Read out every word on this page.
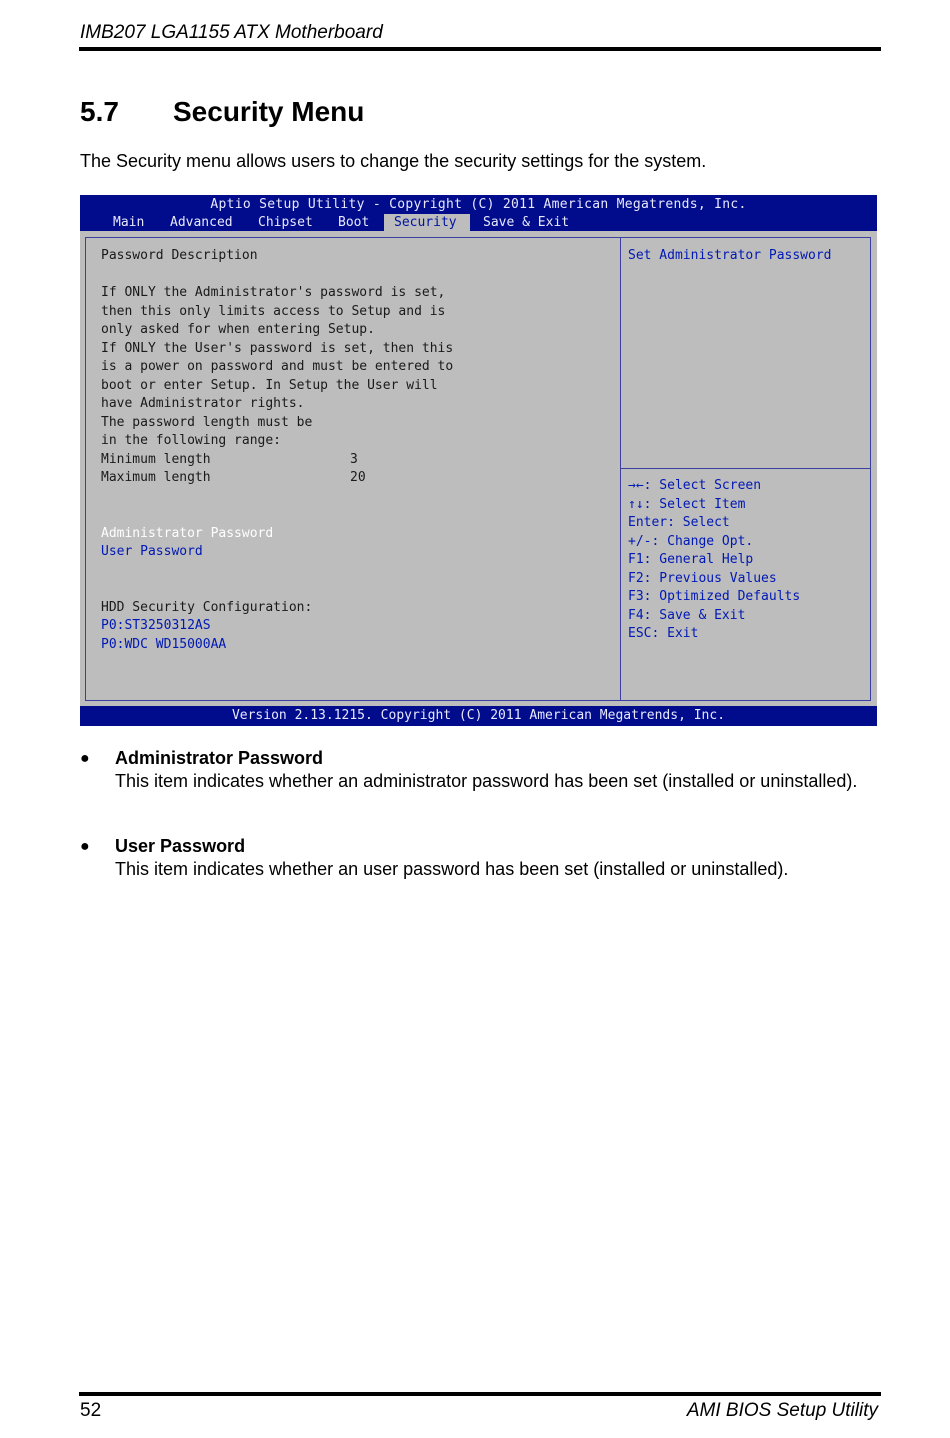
IMB207 LGA1155 ATX Motherboard
5.7 Security Menu
The Security menu allows users to change the security settings for the system.
Aptio Setup Utility - Copyright (C) 2011 American Megatrends, Inc.
Main	Advanced	Chipset	Boot	Security	Save & Exit
Password Description
If ONLY the Administrator's password is set,
then this only limits access to Setup and is
only asked for when entering Setup.
If ONLY the User's password is set, then this
is a power on password and must be entered to
boot or enter Setup. In Setup the User will
have Administrator rights.
The password length must be
in the following range:
Minimum length	3
Maximum length	20
Administrator Password
User Password
HDD Security Configuration:
P0:ST3250312AS
P0:WDC WD15000AA
Set Administrator Password
→←: Select Screen
↑↓: Select Item
Enter: Select
+/-: Change Opt.
F1: General Help
F2: Previous Values
F3: Optimized Defaults
F4: Save & Exit
ESC: Exit
Version 2.13.1215. Copyright (C) 2011 American Megatrends, Inc.
● Administrator Password
This item indicates whether an administrator password has been set (installed or uninstalled).
● User Password
This item indicates whether an user password has been set (installed or uninstalled).
52	AMI BIOS Setup Utility
